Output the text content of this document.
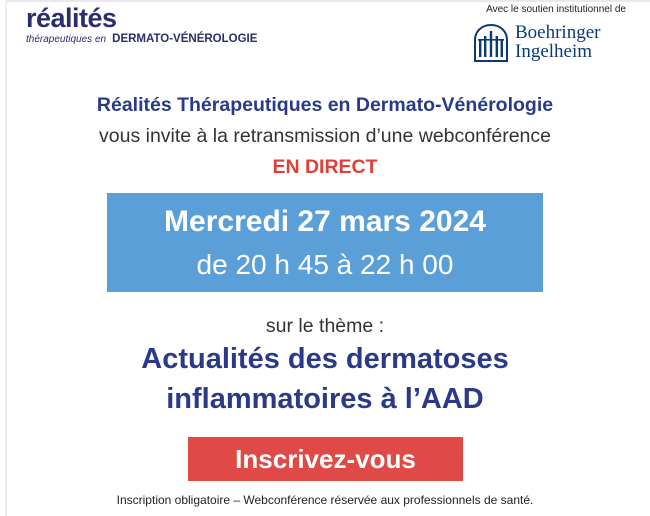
réalités
thérapeutiques en DERMATO-VÉNÉROLOGIE
Avec le soutien institutionnel de
Boehringer
Ingelheim
Réalités Thérapeutiques en Dermato-Vénérologie
vous invite à la retransmission d’une webconférence
EN DIRECT
Mercredi 27 mars 2024
de 20 h 45 à 22 h 00
sur le thème :
Actualités des dermatoses
inflammatoires à l’AAD
Inscrivez-vous
Inscription obligatoire – Webconférence réservée aux professionnels de santé.
